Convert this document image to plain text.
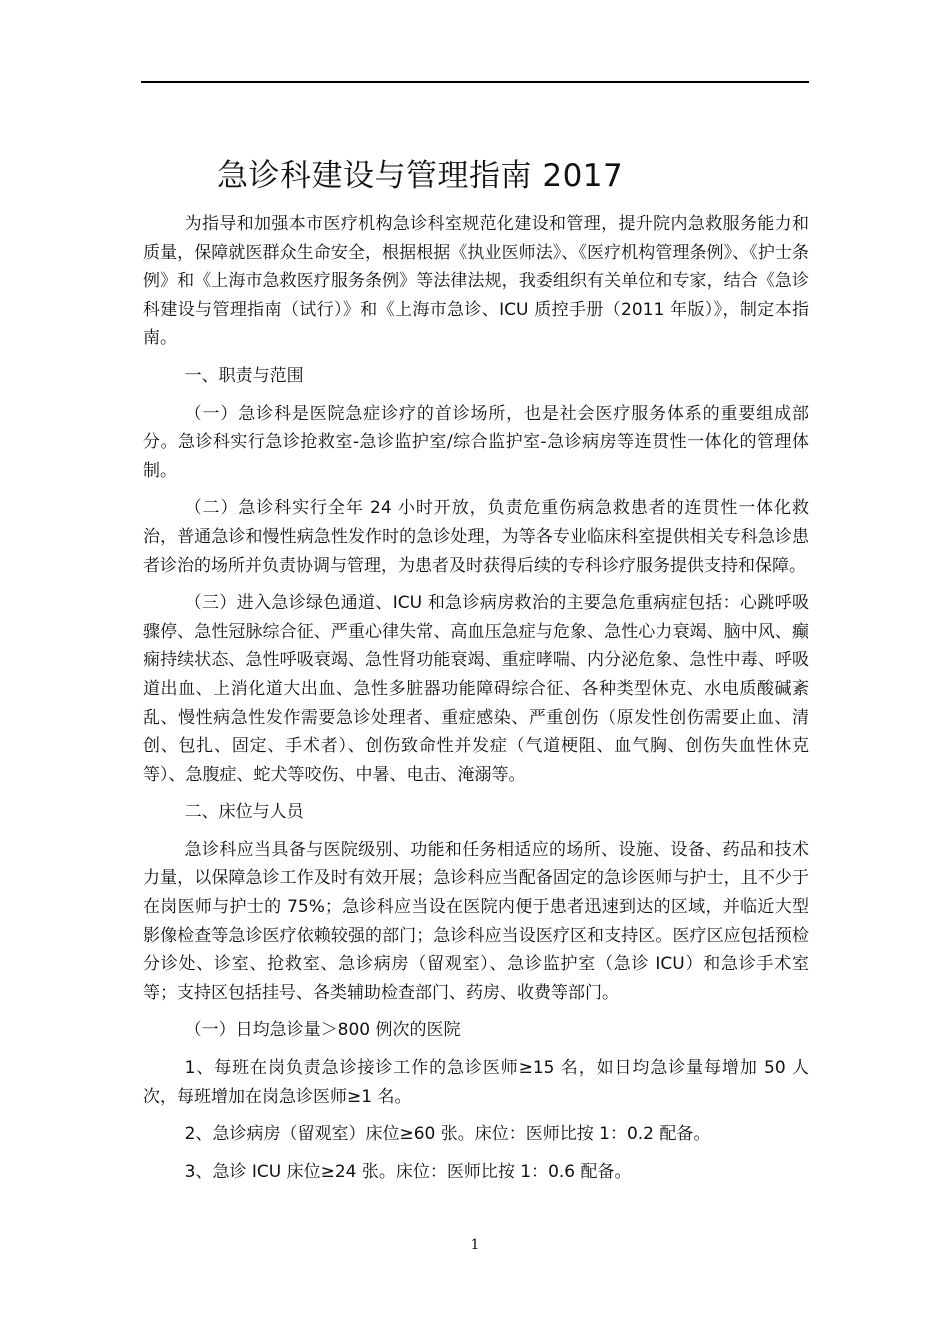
急诊科建设与管理指南 2017

为指导和加强本市医疗机构急诊科室规范化建设和管理，提升院内急救服务能力和质量，保障就医群众生命安全，根据根据《执业医师法》、《医疗机构管理条例》、《护士条例》和《上海市急救医疗服务条例》等法律法规，我委组织有关单位和专家，结合《急诊科建设与管理指南（试行）》和《上海市急诊、ICU 质控手册（2011 年版）》，制定本指南。

一、职责与范围

（一）急诊科是医院急症诊疗的首诊场所，也是社会医疗服务体系的重要组成部分。急诊科实行急诊抢救室-急诊监护室/综合监护室-急诊病房等连贯性一体化的管理体制。

（二）急诊科实行全年 24 小时开放，负责危重伤病急救患者的连贯性一体化救治，普通急诊和慢性病急性发作时的急诊处理，为等各专业临床科室提供相关专科急诊患者诊治的场所并负责协调与管理，为患者及时获得后续的专科诊疗服务提供支持和保障。

（三）进入急诊绿色通道、ICU 和急诊病房救治的主要急危重病症包括：心跳呼吸骤停、急性冠脉综合征、严重心律失常、高血压急症与危象、急性心力衰竭、脑中风、癫痫持续状态、急性呼吸衰竭、急性肾功能衰竭、重症哮喘、内分泌危象、急性中毒、呼吸道出血、上消化道大出血、急性多脏器功能障碍综合征、各种类型休克、水电质酸碱紊乱、慢性病急性发作需要急诊处理者、重症感染、严重创伤（原发性创伤需要止血、清创、包扎、固定、手术者）、创伤致命性并发症（气道梗阻、血气胸、创伤失血性休克等）、急腹症、蛇犬等咬伤、中暑、电击、淹溺等。

二、床位与人员

急诊科应当具备与医院级别、功能和任务相适应的场所、设施、设备、药品和技术力量，以保障急诊工作及时有效开展；急诊科应当配备固定的急诊医师与护士，且不少于在岗医师与护士的 75%；急诊科应当设在医院内便于患者迅速到达的区域，并临近大型影像检查等急诊医疗依赖较强的部门；急诊科应当设医疗区和支持区。医疗区应包括预检分诊处、诊室、抢救室、急诊病房（留观室）、急诊监护室（急诊 ICU）和急诊手术室等；支持区包括挂号、各类辅助检查部门、药房、收费等部门。

（一）日均急诊量＞800 例次的医院

1、每班在岗负责急诊接诊工作的急诊医师≥15 名，如日均急诊量每增加 50 人次，每班增加在岗急诊医师≥1 名。

2、急诊病房（留观室）床位≥60 张。床位：医师比按 1：0.2 配备。

3、急诊 ICU 床位≥24 张。床位：医师比按 1：0.6 配备。

1
